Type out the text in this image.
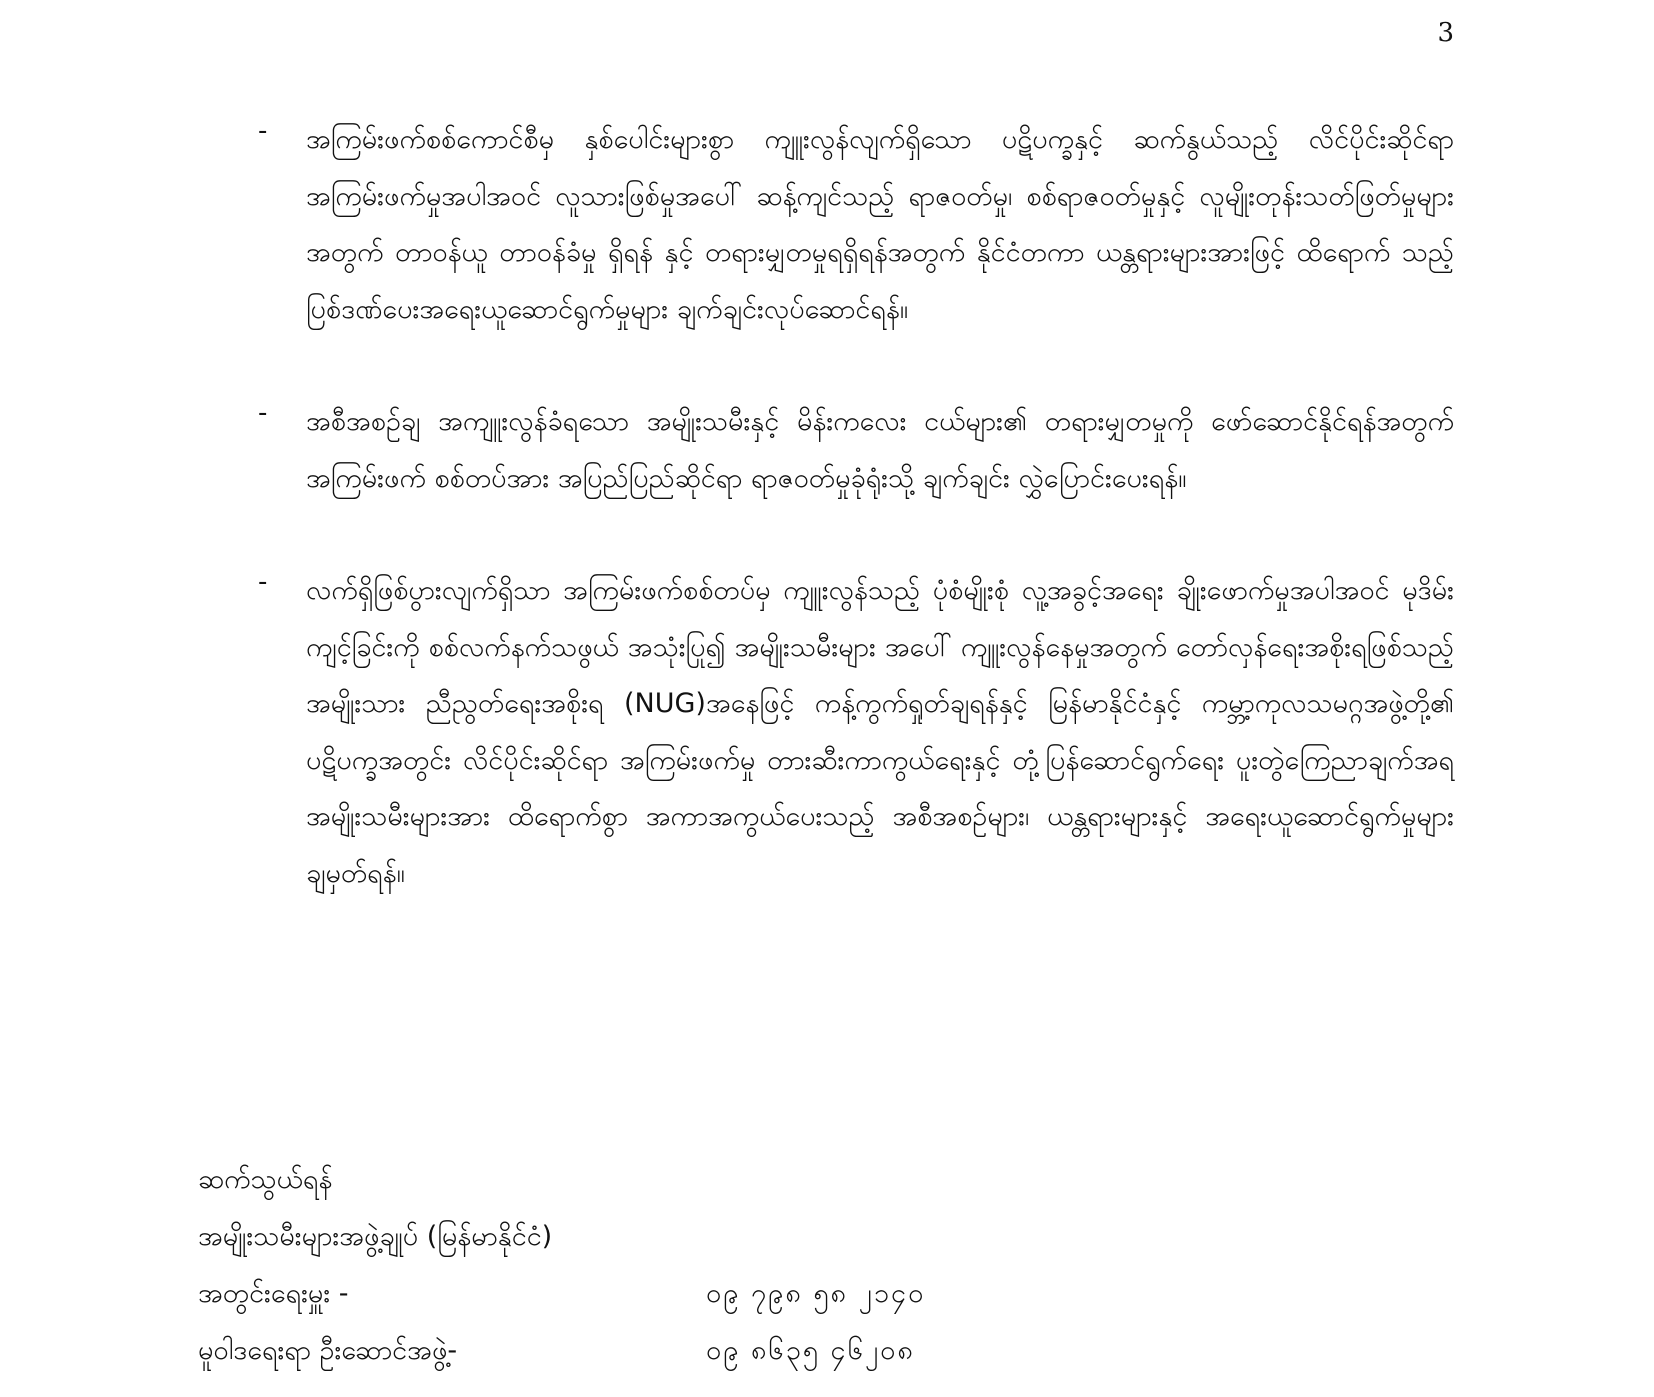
3
- အကြမ်းဖက်စစ်ကောင်စီမှ နှစ်ပေါင်းများစွာ ကျူးလွန်လျက်ရှိသော ပဋိပက္ခနှင့် ဆက်နွယ်သည့် လိင်ပိုင်းဆိုင်ရာအကြမ်းဖက်မှုအပါအဝင် လူသားဖြစ်မှုအပေါ် ဆန့်ကျင်သည့် ရာဇဝတ်မှု၊ စစ်ရာဇဝတ်မှုနှင့် လူမျိုးတုန်းသတ်ဖြတ်မှုများအတွက် တာဝန်ယူ တာဝန်ခံမှု ရှိရန် နှင့် တရားမျှတမှုရရှိရန်အတွက် နိုင်ငံတကာ ယန္တရားများအားဖြင့် ထိရောက် သည့် ပြစ်ဒဏ်ပေးအရေးယူဆောင်ရွက်မှုများ ချက်ချင်းလုပ်ဆောင်ရန်။
- အစီအစဉ်ချ အကျူးလွန်ခံရသော အမျိုးသမီးနှင့် မိန်းကလေး ငယ်များ၏ တရားမျှတမှုကို ဖော်ဆောင်နိုင်ရန်အတွက် အကြမ်းဖက် စစ်တပ်အား အပြည်ပြည်ဆိုင်ရာ ရာဇဝတ်မှုခုံရုံးသို့ ချက်ချင်း လွှဲပြောင်းပေးရန်။
- လက်ရှိဖြစ်ပွားလျက်ရှိသာ အကြမ်းဖက်စစ်တပ်မှ ကျူးလွန်သည့် ပုံစံမျိုးစုံ လူ့အခွင့်အရေး ချိုးဖောက်မှုအပါအဝင် မုဒိမ်းကျင့်ခြင်းကို စစ်လက်နက်သဖွယ် အသုံးပြု၍ အမျိုးသမီးများ အပေါ် ကျူးလွန်နေမှုအတွက် တော်လှန်ရေးအစိုးရဖြစ်သည့် အမျိုးသား ညီညွတ်ရေးအစိုးရ (NUG)အနေဖြင့် ကန့်ကွက်ရှုတ်ချရန်နှင့် မြန်မာနိုင်ငံနှင့် ကမ္ဘာ့ကုလသမဂ္ဂအဖွဲ့တို့၏ ပဋိပက္ခအတွင်း လိင်ပိုင်းဆိုင်ရာ အကြမ်းဖက်မှု တားဆီးကာကွယ်ရေးနှင့် တုံ့ပြန်ဆောင်ရွက်ရေး ပူးတွဲကြေညာချက်အရ အမျိုးသမီးများအား ထိရောက်စွာ အကာအကွယ်ပေးသည့် အစီအစဉ်များ၊ ယန္တရားများနှင့် အရေးယူဆောင်ရွက်မှုများ ချမှတ်ရန်။
ဆက်သွယ်ရန်
အမျိုးသမီးများအဖွဲ့ချုပ် (မြန်မာနိုင်ငံ)
အတွင်းရေးမှူး -	၀၉ ၇၉၈ ၅၈ ၂၁၄၀
မူဝါဒရေးရာ ဦးဆောင်အဖွဲ့-	၀၉ ၈၆၃၅ ၄၆၂၀၈
